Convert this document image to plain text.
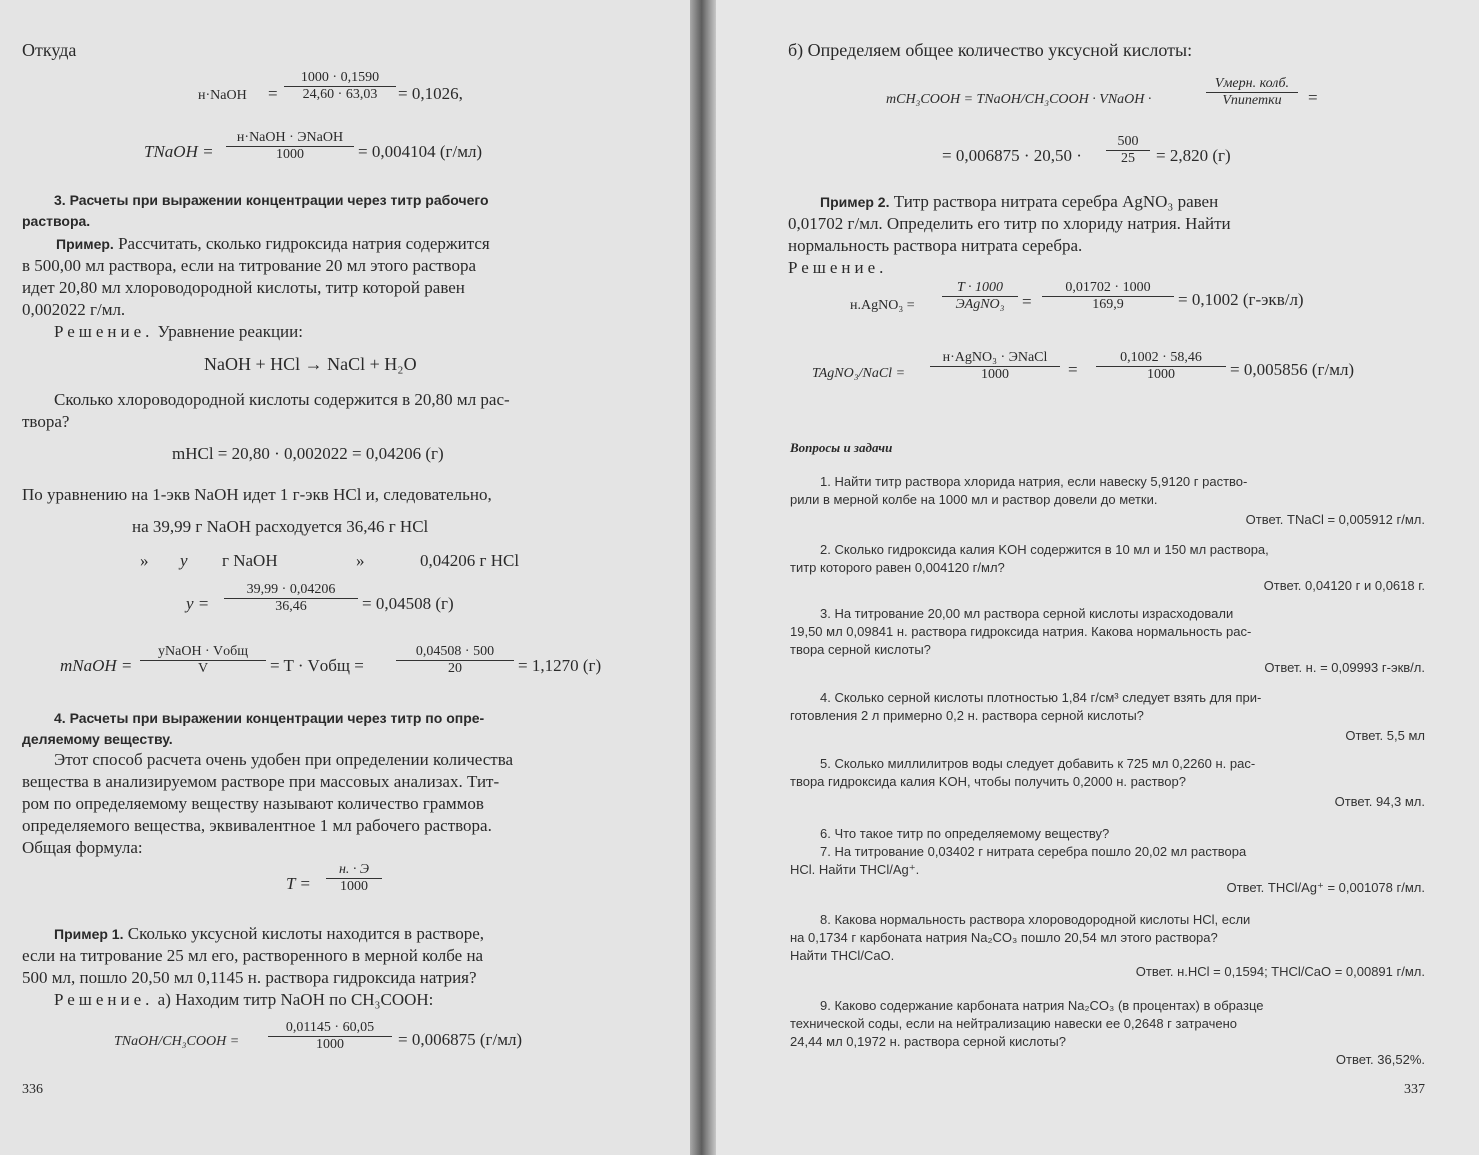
Откуда
н·NaOH = $\frac{1000 \cdot 0,1590}{24,60 \cdot 63,03} = 0,1026$,
TNaOH =
н·NaOH · ЭNaOH
1000	= 0,004104 (г/мл)
3. Расчеты при выражении концентрации через титр рабочего
раствора.
Пример. Рассчитать, сколько гидроксида натрия содержится
в 500,00 мл раствора, если на титрование 20 мл этого раствора
идет 20,80 мл хлороводородной кислоты, титр которой равен
0,002022 г/мл.
Решение. Уравнение реакции:
NaOH + HCl → NaCl + H₂O
Сколько хлороводородной кислоты содержится в 20,80 мл рас-
твора?
mHCl = 20,80 · 0,002022 = 0,04206 (г)
По уравнению на 1-экв NaOH идет 1 г-экв HCl и, следовательно,
на 39,99 г NaOH расходуется 36,46 г HCl
» y г NaOH	»	0,04206 г HCl
$y = \frac{39,99 \cdot 0,04206}{36,46} = 0,04508$ (г)
mNaOH =
yNaOH · Vобщ
V	= T · Vобщ = $\frac{0,04508 \cdot 500}{20} = 1,1270$ (г)
4. Расчеты при выражении концентрации через титр по опре-
деляемому веществу.
Этот способ расчета очень удобен при определении количества
вещества в анализируемом растворе при массовых анализах. Тит-
ром по определяемому веществу называют количество граммов
определяемого вещества, эквивалентное 1 мл рабочего раствора.
Общая формула:
T =
н. · Э
1000
Пример 1. Сколько уксусной кислоты находится в растворе,
если на титрование 25 мл его, растворенного в мерной колбе на
500 мл, пошло 20,50 мл 0,1145 н. раствора гидроксида натрия?
Решение. а) Находим титр NaOH по CH₃COOH:
TNaOH/CH₃COOH = $\frac{0,01145 \cdot 60,05}{1000} = 0,006875$ (г/мл)
336
б) Определяем общее количество уксусной кислоты:
mCH₃COOH = TNaOH/CH₃COOH · VNaOH ·
Vмерн. колб.
Vпипетки	=
= $0,006875 \cdot 20,50 \cdot \frac{500}{25} = 2,820$ (г)
Пример 2. Титр раствора нитрата серебра AgNO₃ равен
0,01702 г/мл. Определить его титр по хлориду натрия. Найти
нормальность раствора нитрата серебра.
Решение.
н.AgNO₃ =
T · 1000
ЭAgNO₃	= $\frac{0,01702 \cdot 1000}{169,9} = 0,1002$ (г-экв/л)
TAgNO₃/NaCl =
н·AgNO₃ · ЭNaCl
1000	= $\frac{0,1002 \cdot 58,46}{1000} = 0,005856$ (г/мл)
Вопросы и задачи
1. Найти титр раствора хлорида натрия, если навеску 5,9120 г раство-
рили в мерной колбе на 1000 мл и раствор довели до метки.
Ответ. TNaCl = 0,005912 г/мл.
2. Сколько гидроксида калия KOH содержится в 10 мл и 150 мл раствора,
титр которого равен 0,004120 г/мл?
Ответ. 0,04120 г и 0,0618 г.
3. На титрование 20,00 мл раствора серной кислоты израсходовали
19,50 мл 0,09841 н. раствора гидроксида натрия. Какова нормальность рас-
твора серной кислоты?
Ответ. н. = 0,09993 г-экв/л.
4. Сколько серной кислоты плотностью 1,84 г/см³ следует взять для при-
готовления 2 л примерно 0,2 н. раствора серной кислоты?
Ответ. 5,5 мл
5. Сколько миллилитров воды следует добавить к 725 мл 0,2260 н. рас-
твора гидроксида калия KOH, чтобы получить 0,2000 н. раствор?
Ответ. 94,3 мл.
6. Что такое титр по определяемому веществу?
7. На титрование 0,03402 г нитрата серебра пошло 20,02 мл раствора
HCl. Найти THCl/Ag⁺.
Ответ. THCl/Ag⁺ = 0,001078 г/мл.
8. Какова нормальность раствора хлороводородной кислоты HCl, если
на 0,1734 г карбоната натрия Na₂CO₃ пошло 20,54 мл этого раствора?
Найти THCl/CaO.
Ответ. н.HCl = 0,1594; THCl/CaO = 0,00891 г/мл.
9. Каково содержание карбоната натрия Na₂CO₃ (в процентах) в образце
технической соды, если на нейтрализацию навески ее 0,2648 г затрачено
24,44 мл 0,1972 н. раствора серной кислоты?
Ответ. 36,52%.
337
